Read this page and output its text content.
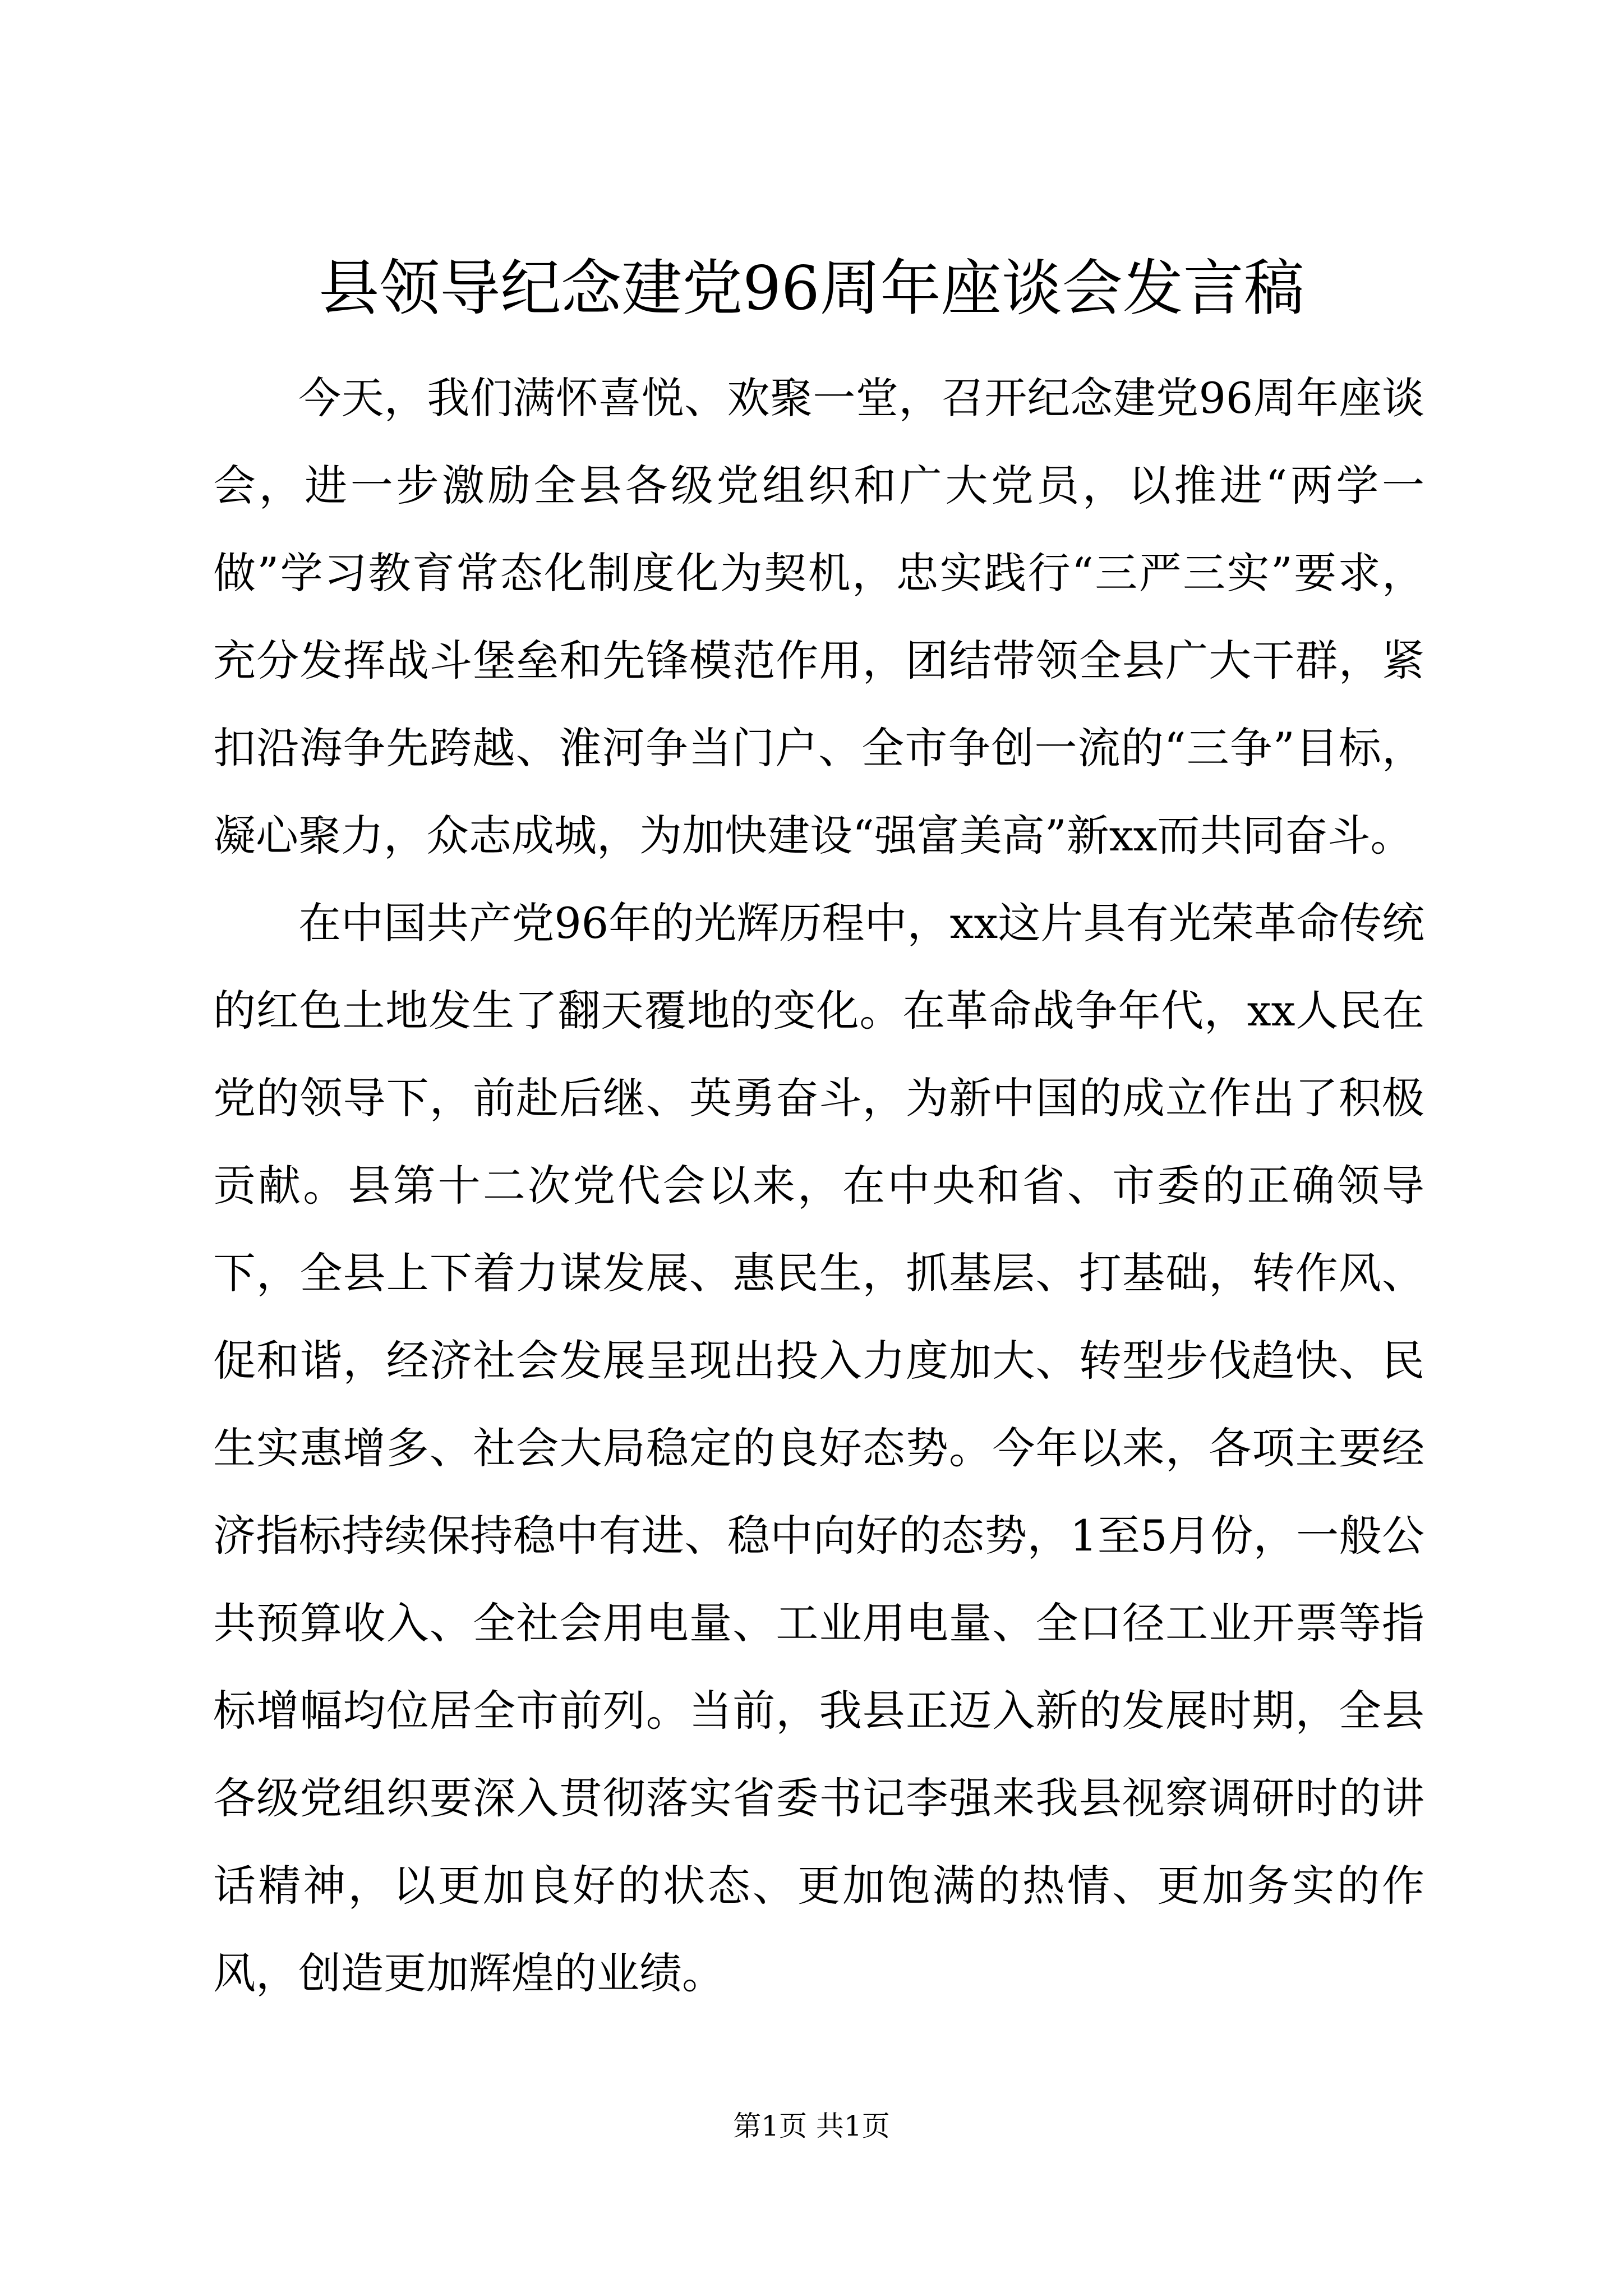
县领导纪念建党96周年座谈会发言稿

今天，我们满怀喜悦、欢聚一堂，召开纪念建党96周年座谈会，进一步激励全县各级党组织和广大党员，以推进“两学一做”学习教育常态化制度化为契机，忠实践行“三严三实”要求，充分发挥战斗堡垒和先锋模范作用，团结带领全县广大干群，紧扣沿海争先跨越、淮河争当门户、全市争创一流的“三争”目标，凝心聚力，众志成城，为加快建设“强富美高”新xx而共同奋斗。

在中国共产党96年的光辉历程中，xx这片具有光荣革命传统的红色土地发生了翻天覆地的变化。在革命战争年代，xx人民在党的领导下，前赴后继、英勇奋斗，为新中国的成立作出了积极贡献。县第十二次党代会以来，在中央和省、市委的正确领导下，全县上下着力谋发展、惠民生，抓基层、打基础，转作风、促和谐，经济社会发展呈现出投入力度加大、转型步伐趋快、民生实惠增多、社会大局稳定的良好态势。今年以来，各项主要经济指标持续保持稳中有进、稳中向好的态势，1至5月份，一般公共预算收入、全社会用电量、工业用电量、全口径工业开票等指标增幅均位居全市前列。当前，我县正迈入新的发展时期，全县各级党组织要深入贯彻落实省委书记李强来我县视察调研时的讲话精神，以更加良好的状态、更加饱满的热情、更加务实的作风，创造更加辉煌的业绩。

第1页 共1页
